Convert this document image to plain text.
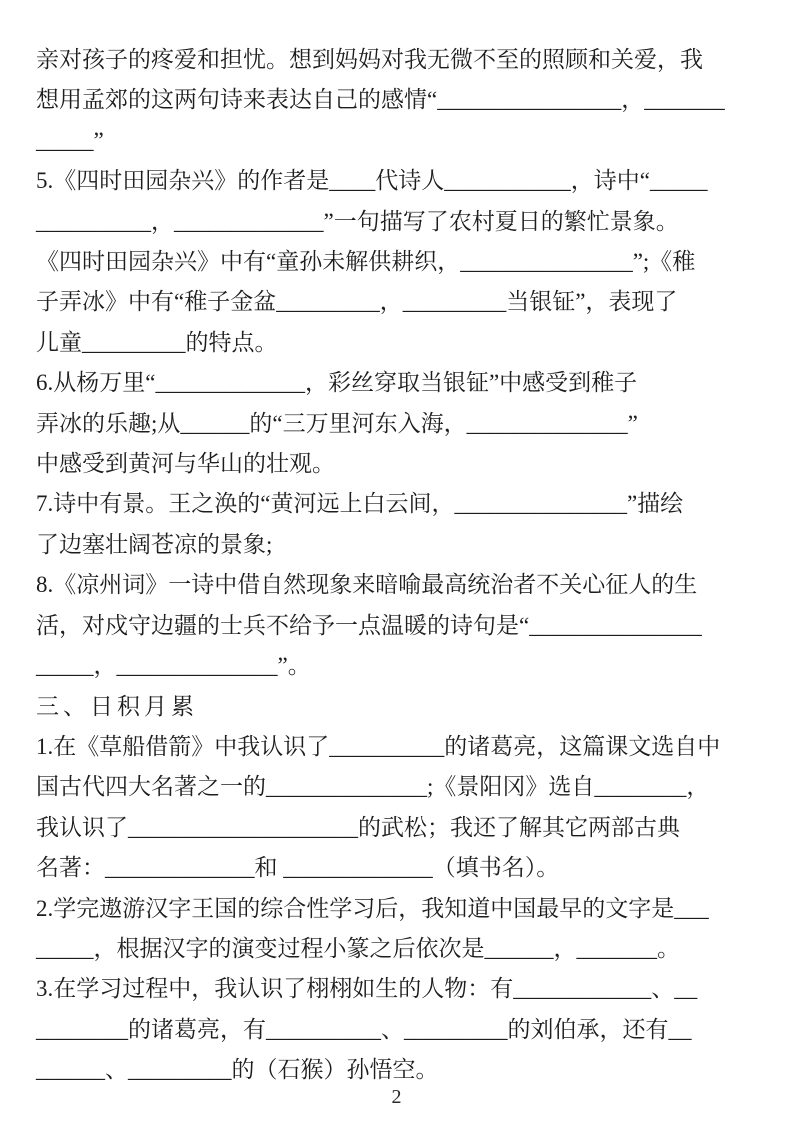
亲对孩子的疼爱和担忧。想到妈妈对我无微不至的照顾和关爱，我

想用孟郊的这两句诗来表达自己的感情“________________，_______

_____”

5.《四时田园杂兴》的作者是____代诗人___________，诗中“_____

__________，_____________”一句描写了农村夏日的繁忙景象。

《四时田园杂兴》中有“童孙未解供耕织，_______________”;《稚

子弄冰》中有“稚子金盆_________，_________当银钲”，表现了

儿童_________的特点。

6.从杨万里“_____________，彩丝穿取当银钲”中感受到稚子

弄冰的乐趣;从______的“三万里河东入海，______________”

中感受到黄河与华山的壮观。

7.诗中有景。王之涣的“黄河远上白云间，_______________”描绘

了边塞壮阔苍凉的景象;

8.《凉州词》一诗中借自然现象来暗喻最高统治者不关心征人的生

活，对戍守边疆的士兵不给予一点温暖的诗句是“_______________

_____，______________”。

三、日积月累

1.在《草船借箭》中我认识了__________的诸葛亮，这篇课文选自中

国古代四大名著之一的______________;《景阳冈》选自________，

我认识了____________________的武松；我还了解其它两部古典

名著：_____________和 _____________（填书名）。

2.学完遨游汉字王国的综合性学习后，我知道中国最早的文字是___

_____，根据汉字的演变过程小篆之后依次是______，_______。

3.在学习过程中，我认识了栩栩如生的人物：有____________、__

________的诸葛亮，有__________、_________的刘伯承，还有__

______、_________的（石猴）孙悟空。

2
